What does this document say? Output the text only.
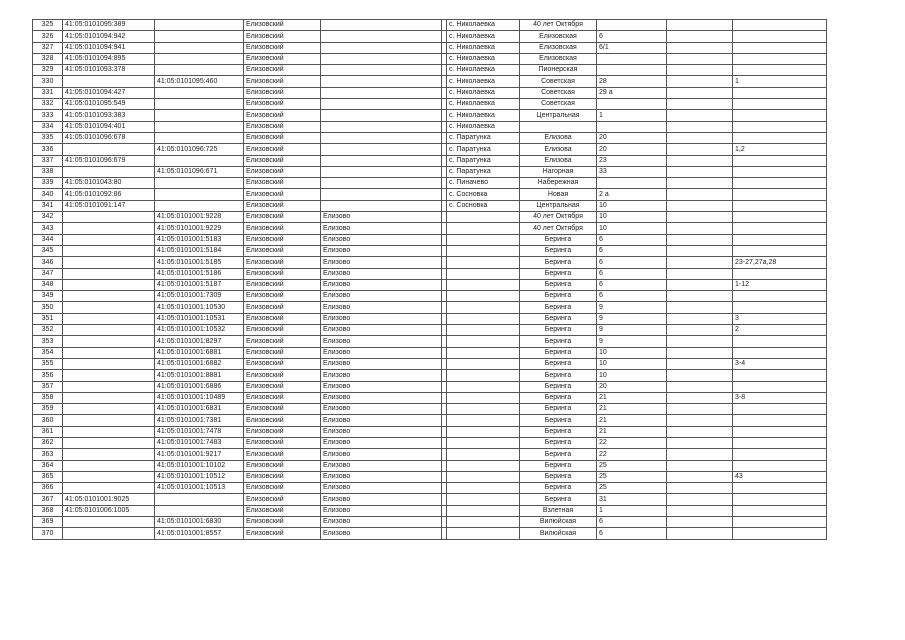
325	41:05:0101095:389		Елизовский			с. Николаевка	40 лет Октября			
326	41:05:0101094:942		Елизовский			с. Николаевка	Елизовская	6		
327	41:05:0101094:941		Елизовский			с. Николаевка	Елизовская	6/1		
328	41:05:0101094:895		Елизовский			с. Николаевка	Елизовская			
329	41:05:0101093:378		Елизовский			с. Николаевка	Пионерская			
330		41:05:0101095:460	Елизовский			с. Николаевка	Советская	28		1
331	41:05:0101094:427		Елизовский			с. Николаевка	Советская	29 а		
332	41:05:0101095:549		Елизовский			с. Николаевка	Советская			
333	41:05:0101093:383		Елизовский			с. Николаевка	Центральная	1		
334	41:05:0101094:401		Елизовский			с. Николаевка				
335	41:05:0101096:678		Елизовский			с. Паратунка	Елизова	20		
336		41:05:0101096:725	Елизовский			с. Паратунка	Елизова	20		1,2
337	41:05:0101096:679		Елизовский			с. Паратунка	Елизова	23		
338		41:05:0101096:671	Елизовский			с. Паратунка	Нагорная	33		
339	41:05:0101043:80		Елизовский			с. Пиначево	Набережная			
340	41:05:0101092:86		Елизовский			с. Сосновка	Новая	2 а		
341	41:05:0101091:147		Елизовский			с. Сосновка	Центральная	10		
342		41:05:0101001:9228	Елизовский	Елизово			40 лет Октября	10		
343		41:05:0101001:9229	Елизовский	Елизово			40 лет Октября	10		
344		41:05:0101001:5183	Елизовский	Елизово			Беринга	6		
345		41:05:0101001:5184	Елизовский	Елизово			Беринга	6		
346		41:05:0101001:5185	Елизовский	Елизово			Беринга	6		23-27,27а,28
347		41:05:0101001:5186	Елизовский	Елизово			Беринга	6		
348		41:05:0101001:5187	Елизовский	Елизово			Беринга	6		1-12
349		41:05:0101001:7309	Елизовский	Елизово			Беринга	6		
350		41:05:0101001:10530	Елизовский	Елизово			Беринга	9		
351		41:05:0101001:10531	Елизовский	Елизово			Беринга	9		3
352		41:05:0101001:10532	Елизовский	Елизово			Беринга	9		2
353		41:05:0101001:8297	Елизовский	Елизово			Беринга	9		
354		41:05:0101001:6881	Елизовский	Елизово			Беринга	10		
355		41:05:0101001:6882	Елизовский	Елизово			Беринга	10		3-4
356		41:05:0101001:8881	Елизовский	Елизово			Беринга	10		
357		41:05:0101001:6886	Елизовский	Елизово			Беринга	20		
358		41:05:0101001:10489	Елизовский	Елизово			Беринга	21		3-8
359		41:05:0101001:6831	Елизовский	Елизово			Беринга	21		
360		41:05:0101001:7381	Елизовский	Елизово			Беринга	21		
361		41:05:0101001:7478	Елизовский	Елизово			Беринга	21		
362		41:05:0101001:7483	Елизовский	Елизово			Беринга	22		
363		41:05:0101001:9217	Елизовский	Елизово			Беринга	22		
364		41:05:0101001:10102	Елизовский	Елизово			Беринга	25		
365		41:05:0101001:10512	Елизовский	Елизово			Беринга	25		43
366		41:05:0101001:10513	Елизовский	Елизово			Беринга	25		
367	41:05:0101001:9025		Елизовский	Елизово			Беринга	31		
368	41:05:0101006:1005		Елизовский	Елизово			Взлетная	1		
369		41:05:0101001:6830	Елизовский	Елизово			Вилюйская	6		
370		41:05:0101001:8557	Елизовский	Елизово			Вилюйская	6		
